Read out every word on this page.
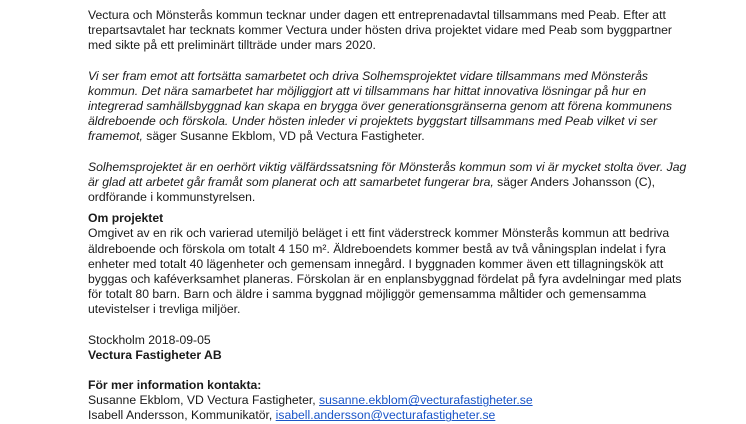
Vectura och Mönsterås kommun tecknar under dagen ett entreprenadavtal tillsammans med Peab. Efter att trepartsavtalet har tecknats kommer Vectura under hösten driva projektet vidare med Peab som byggpartner med sikte på ett preliminärt tillträde under mars 2020.

Vi ser fram emot att fortsätta samarbetet och driva Solhemsprojektet vidare tillsammans med Mönsterås kommun. Det nära samarbetet har möjliggjort att vi tillsammans har hittat innovativa lösningar på hur en integrerad samhällsbyggnad kan skapa en brygga över generationsgränserna genom att förena kommunens äldreboende och förskola. Under hösten inleder vi projektets byggstart tillsammans med Peab vilket vi ser framemot, säger Susanne Ekblom, VD på Vectura Fastigheter.

Solhemsprojektet är en oerhört viktig välfärdssatsning för Mönsterås kommun som vi är mycket stolta över. Jag är glad att arbetet går framåt som planerat och att samarbetet fungerar bra, säger Anders Johansson (C), ordförande i kommunstyrelsen.

Om projektet

Omgivet av en rik och varierad utemiljö beläget i ett fint väderstreck kommer Mönsterås kommun att bedriva äldreboende och förskola om totalt 4 150 m². Äldreboendets kommer bestå av två våningsplan indelat i fyra enheter med totalt 40 lägenheter och gemensam innegård. I byggnaden kommer även ett tillagningskök att byggas och kaféverksamhet planeras. Förskolan är en enplansbyggnad fördelat på fyra avdelningar med plats för totalt 80 barn. Barn och äldre i samma byggnad möjliggör gemensamma måltider och gemensamma utevistelser i trevliga miljöer.

Stockholm 2018-09-05

Vectura Fastigheter AB

För mer information kontakta:

Susanne Ekblom, VD Vectura Fastigheter, susanne.ekblom@vecturafastigheter.se

Isabell Andersson, Kommunikatör, isabell.andersson@vecturafastigheter.se
